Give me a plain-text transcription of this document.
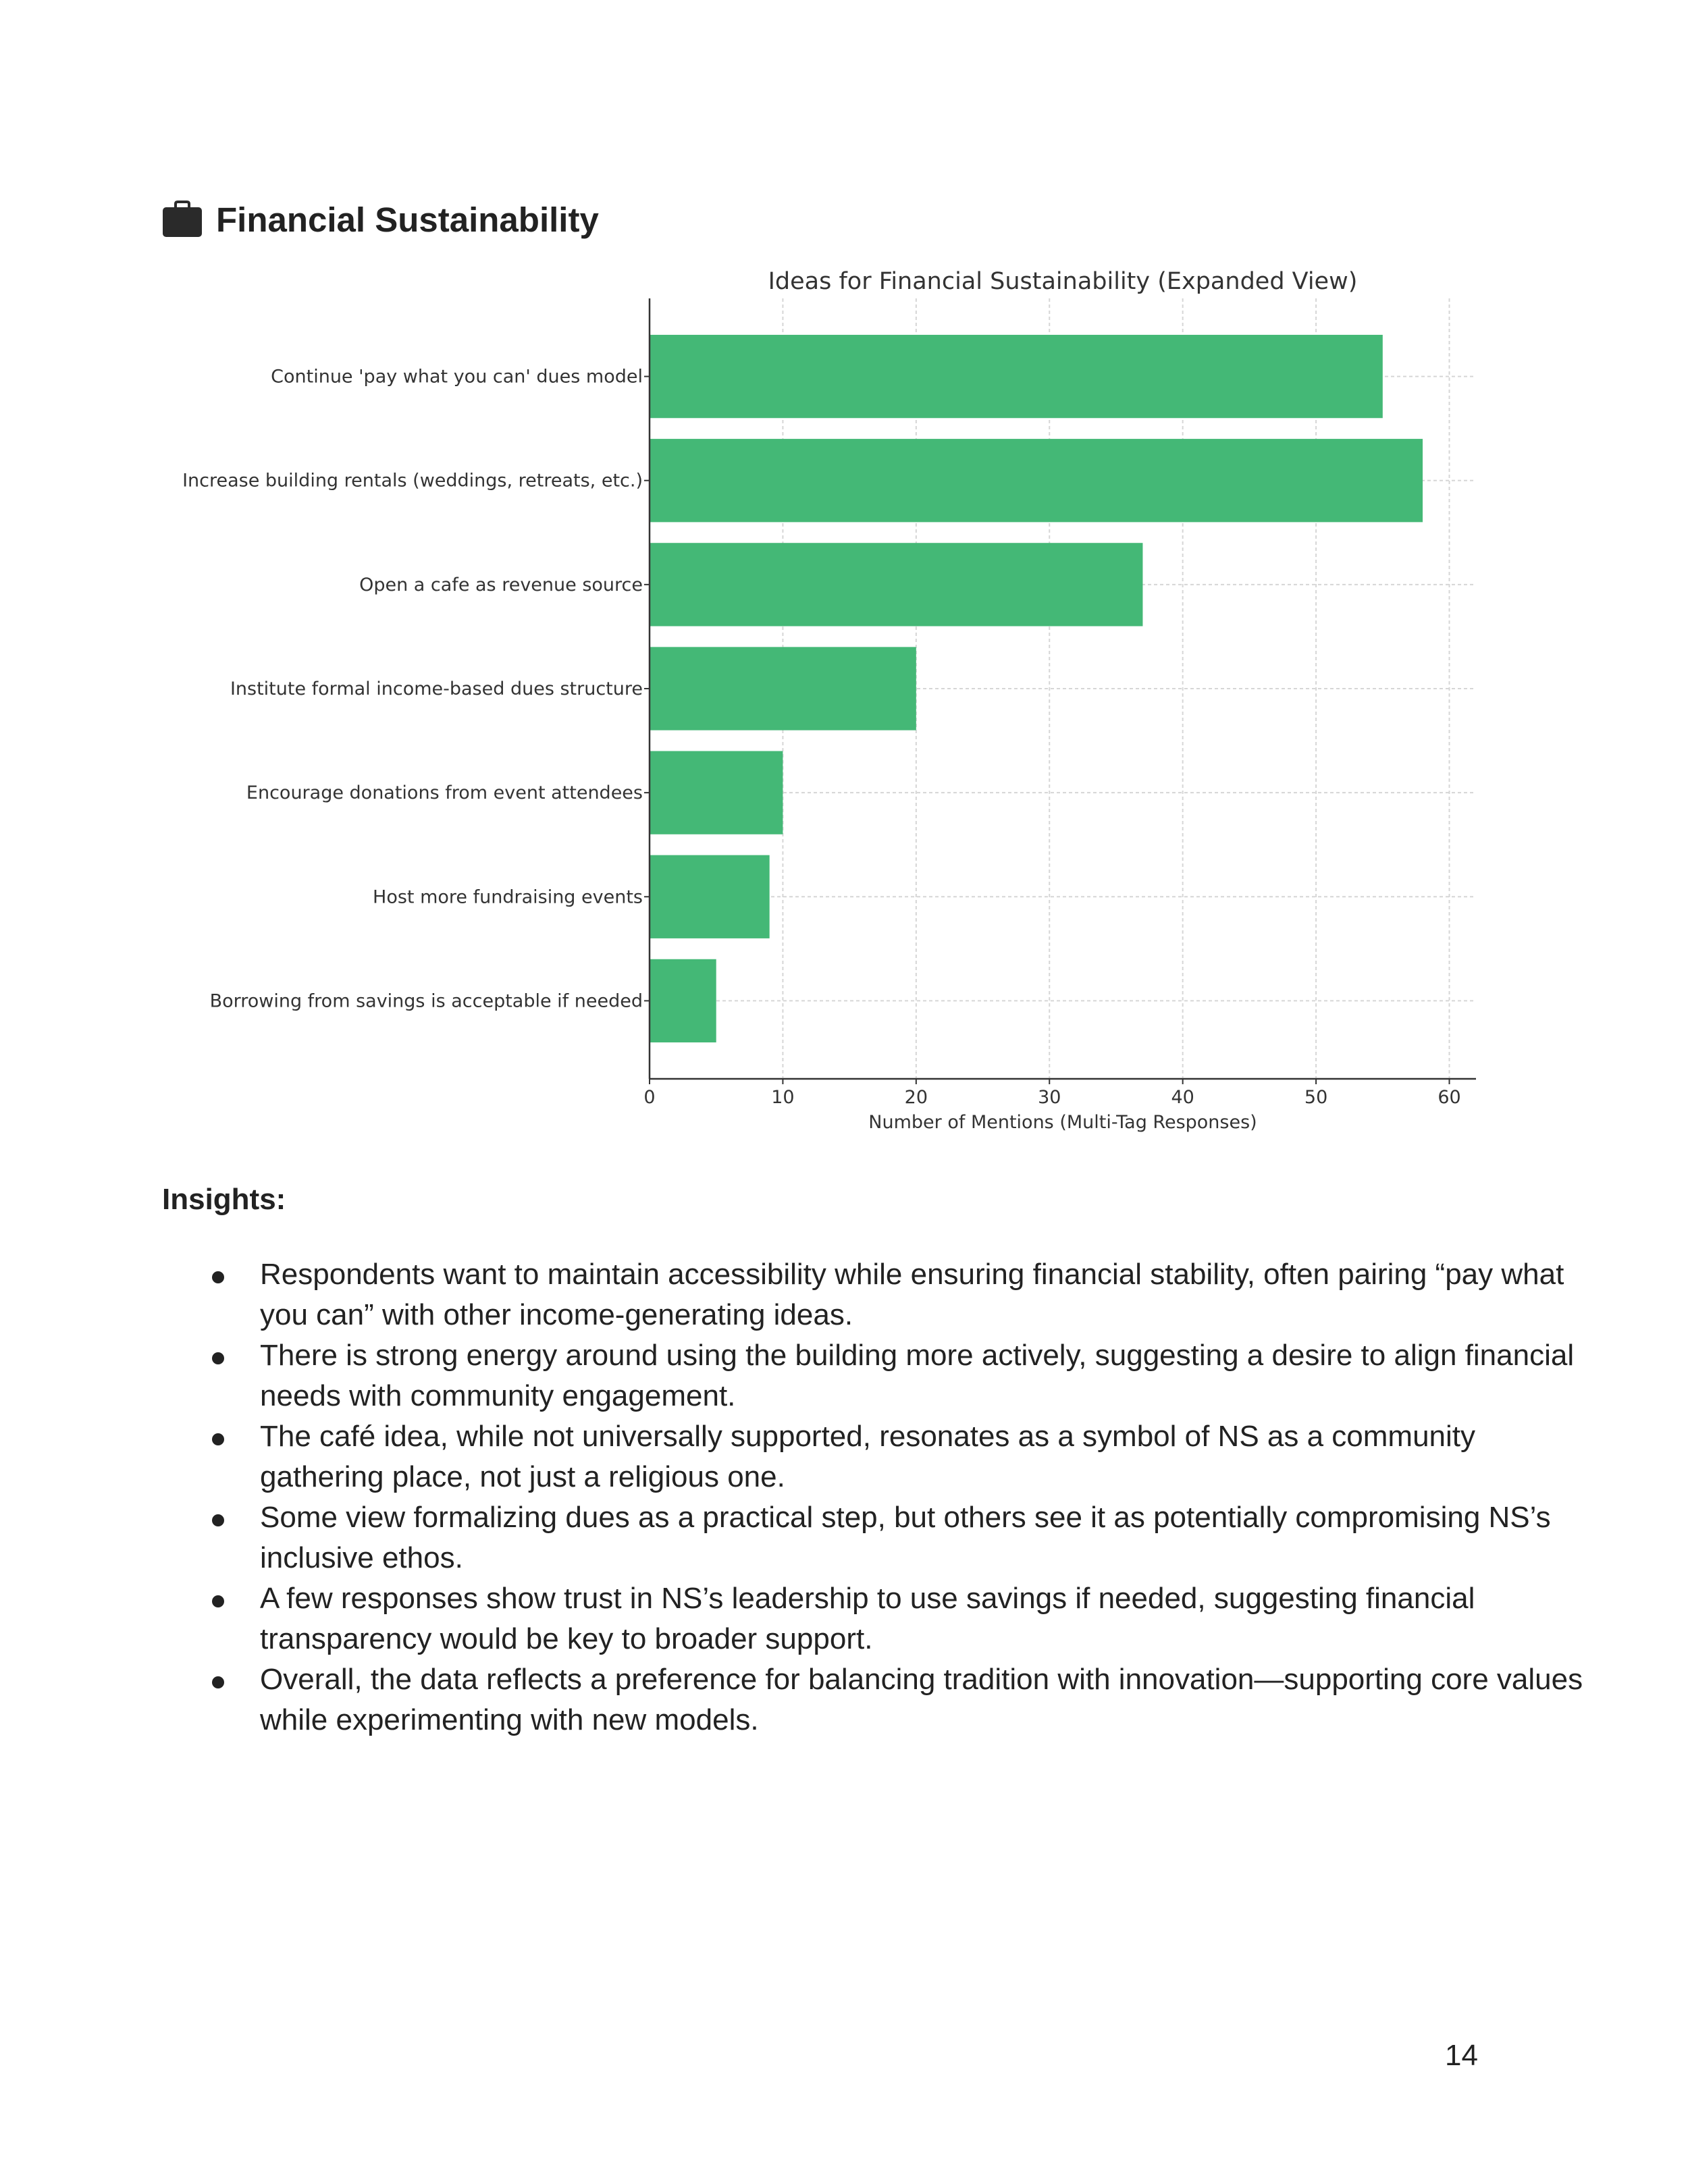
Financial Sustainability
Continue 'pay what you can' dues model
Increase building rentals (weddings, retreats, etc.)
Open a cafe as revenue source
Institute formal income-based dues structure
Encourage donations from event attendees
Host more fundraising events
Borrowing from savings is acceptable if needed
0	10	20	30	40	50	60
Ideas for Financial Sustainability (Expanded View)
Number of Mentions (Multi-Tag Responses)
Insights:
Respondents want to maintain accessibility while ensuring financial stability, often pairing “pay what you can” with other income-generating ideas.
There is strong energy around using the building more actively, suggesting a desire to align financial needs with community engagement.
The café idea, while not universally supported, resonates as a symbol of NS as a community gathering place, not just a religious one.
Some view formalizing dues as a practical step, but others see it as potentially compromising NS’s inclusive ethos.
A few responses show trust in NS’s leadership to use savings if needed, suggesting financial transparency would be key to broader support.
Overall, the data reflects a preference for balancing tradition with innovation—supporting core values while experimenting with new models.
14
